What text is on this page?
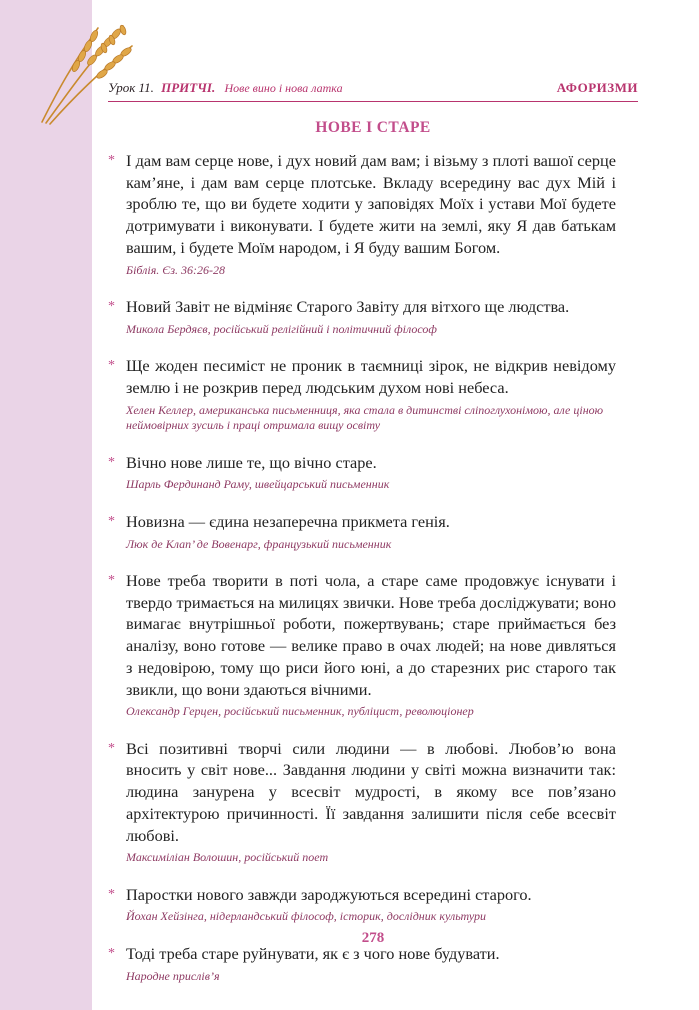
Урок 11. ПРИТЧІ. Нове вино і нова латка	АФОРИЗМИ
НОВЕ І СТАРЕ
* І дам вам серце нове, і дух новий дам вам; і візьму з плоті вашої серце кам’яне, і дам вам серце плотське. Вкладу всередину вас дух Мій і зроблю те, що ви будете ходити у заповідях Моїх і устави Мої будете дотримувати і виконувати. І будете жити на землі, яку Я дав батькам вашим, і будете Моїм народом, і Я буду вашим Богом.
Біблія. Єз. 36:26-28
* Новий Завіт не відміняє Старого Завіту для вітхого ще людства.
Микола Бердяєв, російський релігійний і політичний філософ
* Ще жоден песиміст не проник в таємниці зірок, не відкрив невідому землю і не розкрив перед людським духом нові небеса.
Хелен Келлер, американська письменниця, яка стала в дитинстві сліпоглухонімою, але ціною неймовірних зусиль і праці отримала вищу освіту
* Вічно нове лише те, що вічно старе.
Шарль Фердинанд Раму, швейцарський письменник
* Новизна — єдина незаперечна прикмета генія.
Люк де Клап’ де Вовенарг, французький письменник
* Нове треба творити в поті чола, а старе саме продовжує існувати і твердо тримається на милицях звички. Нове треба досліджувати; воно вимагає внутрішньої роботи, пожертвувань; старе приймається без аналізу, воно готове — велике право в очах людей; на нове дивляться з недовірою, тому що риси його юні, а до старезних рис старого так звикли, що вони здаються вічними.
Олександр Герцен, російський письменник, публіцист, революціонер
* Всі позитивні творчі сили людини — в любові. Любов’ю вона вносить у світ нове... Завдання людини у світі можна визначити так: людина занурена у всесвіт мудрості, в якому все пов’язано архітектурою причинності. Її завдання залишити після себе всесвіт любові.
Максиміліан Волошин, російський поет
* Паростки нового завжди зароджуються всередині старого.
Йохан Хейзінга, нідерландський філософ, історик, дослідник культури
* Тоді треба старе руйнувати, як є з чого нове будувати.
Народне прислів’я
278
